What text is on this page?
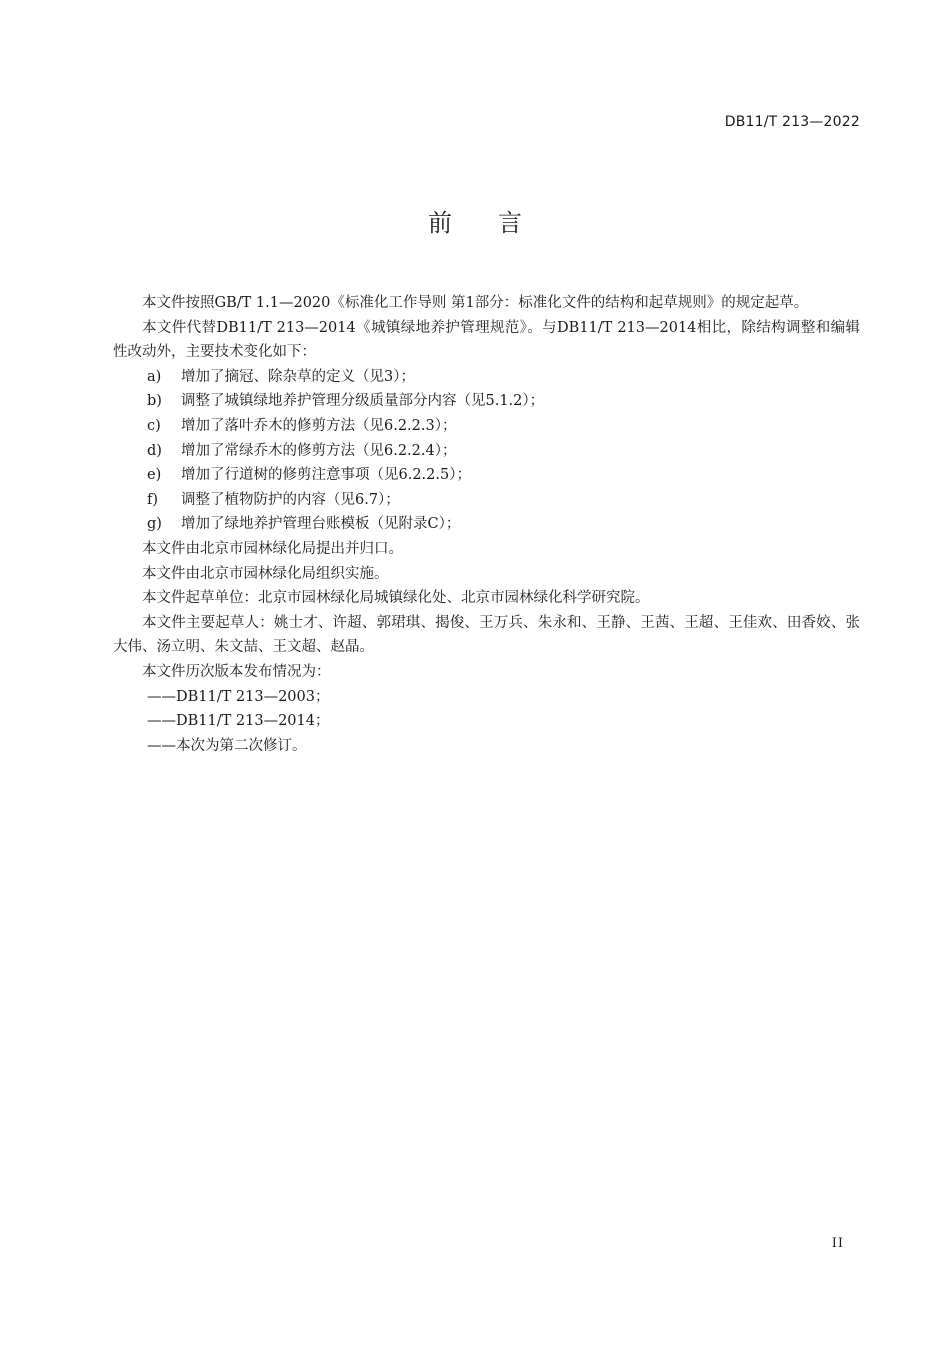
DB11/T 213—2022
前言

本文件按照GB/T 1.1—2020《标准化工作导则 第1部分：标准化文件的结构和起草规则》的规定起草。

本文件代替DB11/T 213—2014《城镇绿地养护管理规范》。与DB11/T 213—2014相比，除结构调整和编辑性改动外，主要技术变化如下：

a)	增加了摘冠、除杂草的定义（见3）；

b)	调整了城镇绿地养护管理分级质量部分内容（见5.1.2）；

c)	增加了落叶乔木的修剪方法（见6.2.2.3）；

d)	增加了常绿乔木的修剪方法（见6.2.2.4）；

e)	增加了行道树的修剪注意事项（见6.2.2.5）；

f)	调整了植物防护的内容（见6.7）；

g)	增加了绿地养护管理台账模板（见附录C）；

本文件由北京市园林绿化局提出并归口。

本文件由北京市园林绿化局组织实施。

本文件起草单位：北京市园林绿化局城镇绿化处、北京市园林绿化科学研究院。

本文件主要起草人：姚士才、许超、郭珺琪、揭俊、王万兵、朱永和、王静、王茜、王超、王佳欢、田香姣、张大伟、汤立明、朱文喆、王文超、赵晶。

本文件历次版本发布情况为：

——DB11/T 213—2003；

——DB11/T 213—2014；

——本次为第二次修订。

II
